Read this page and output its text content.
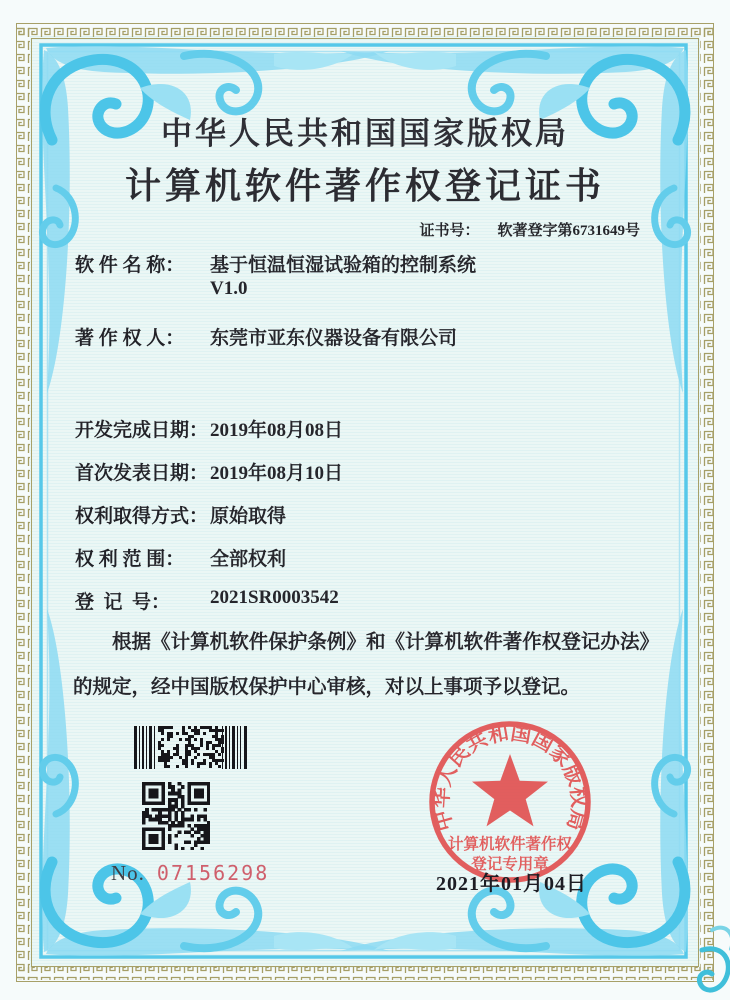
中华人民共和国国家版权局
计算机软件著作权登记证书
证书号： 软著登字第6731649号
软 件 名 称：	基于恒温恒湿试验箱的控制系统
V1.0
著 作 权 人：	东莞市亚东仪器设备有限公司
开发完成日期： 2019年08月08日
首次发表日期： 2019年08月10日
权利取得方式： 原始取得
权 利 范 围：	全部权利
登  记  号：	2021SR0003542

根据《计算机软件保护条例》和《计算机软件著作权登记办法》的规定，经中国版权保护中心审核，对以上事项予以登记。

No. 07156298
中华人民共和国国家版权局
计算机软件著作权
登记专用章
2021年01月04日
